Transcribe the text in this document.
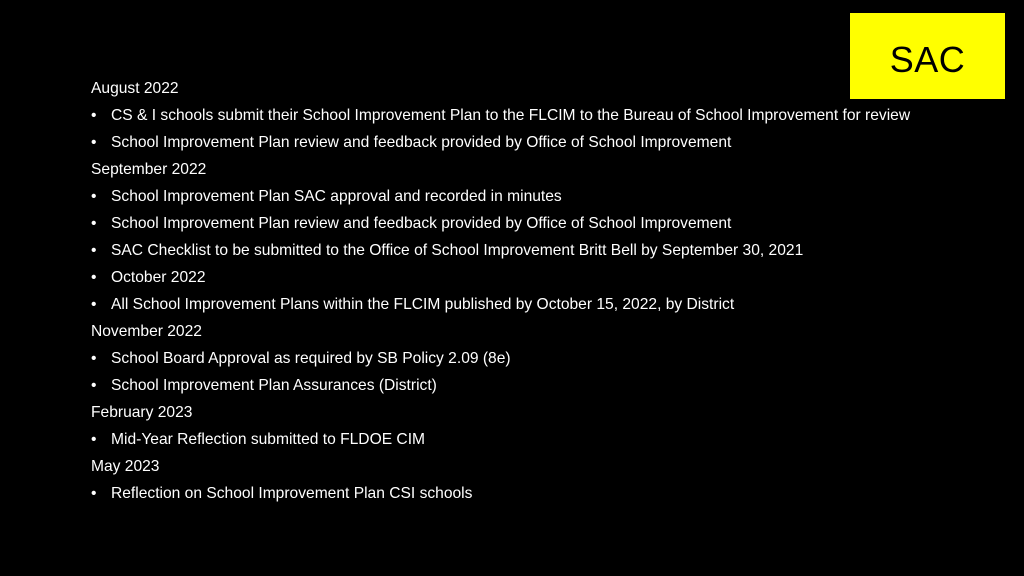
SAC
August 2022
• CS & I schools submit their School Improvement Plan to the FLCIM to the Bureau of School Improvement for review
• School Improvement Plan review and feedback provided by Office of School Improvement
September 2022
• School Improvement Plan SAC approval and recorded in minutes
• School Improvement Plan review and feedback provided by Office of School Improvement
• SAC Checklist to be submitted to the Office of School Improvement Britt Bell by September 30, 2021
• October 2022
• All School Improvement Plans within the FLCIM published by October 15, 2022, by District
November 2022
• School Board Approval as required by SB Policy 2.09 (8e)
• School Improvement Plan Assurances (District)
February 2023
• Mid-Year Reflection submitted to FLDOE CIM
May 2023
• Reflection on School Improvement Plan CSI schools
